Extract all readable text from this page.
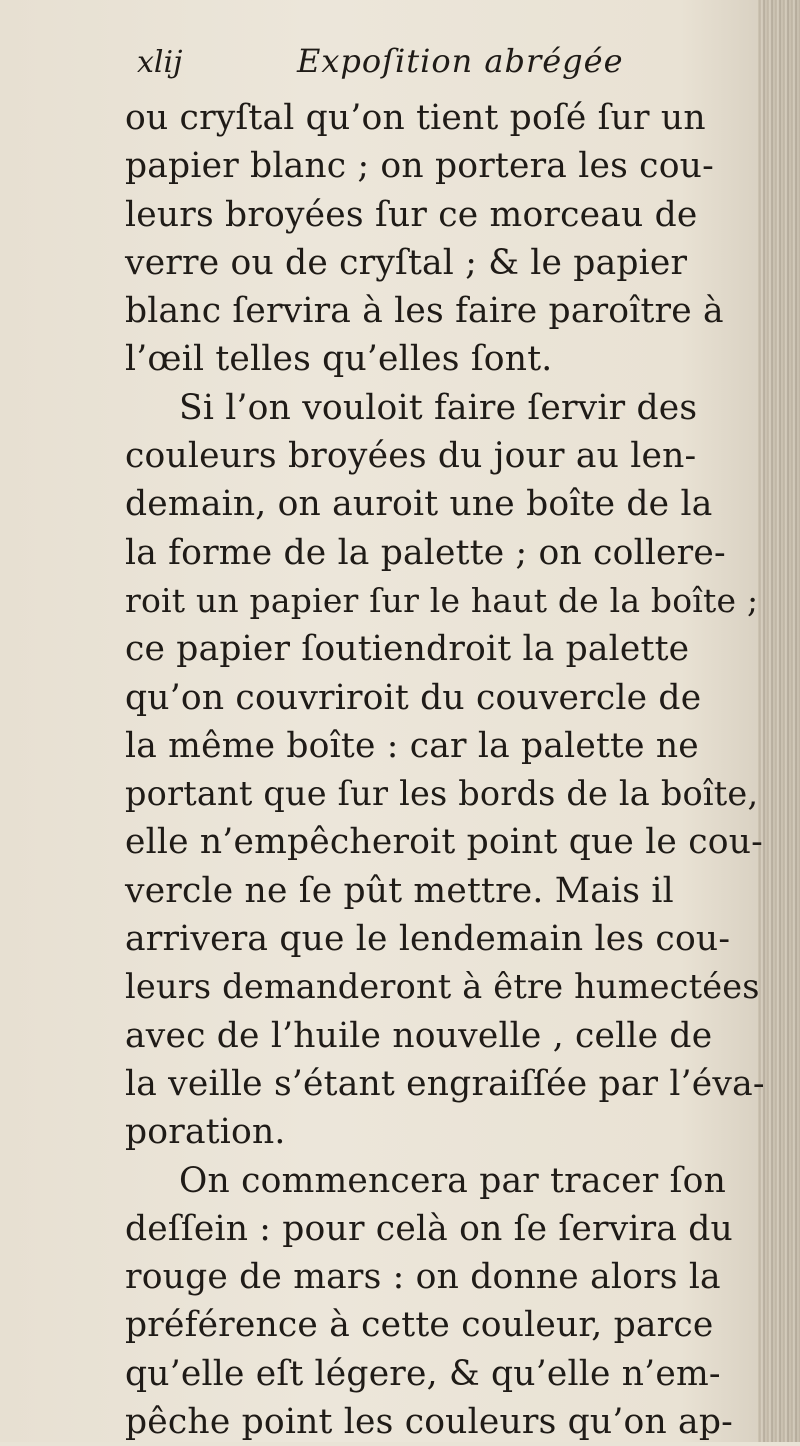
xlij	Expoſition abrégée
ou cryſtal qu’on tient poſé ſur un
papier blanc ; on portera les cou-
leurs broyées ſur ce morceau de
verre ou de cryſtal ; & le papier
blanc ſervira à les faire paroître à
l’œil telles qu’elles ſont.
Si l’on vouloit faire ſervir des
couleurs broyées du jour au len-
demain, on auroit une boîte de la
la forme de la palette ; on collere-
roit un papier ſur le haut de la boîte ;
ce papier ſoutiendroit la palette
qu’on couvriroit du couvercle de
la même boîte : car la palette ne
portant que ſur les bords de la boîte,
elle n’empêcheroit point que le cou-
vercle ne ſe pût mettre. Mais il
arrivera que le lendemain les cou-
leurs demanderont à être humectées
avec de l’huile nouvelle , celle de
la veille s’étant engraiſſée par l’éva-
poration.
On commencera par tracer ſon
deſſein : pour celà on ſe ſervira du
rouge de mars : on donne alors la
préférence à cette couleur, parce
qu’elle eſt légere, & qu’elle n’em-
pêche point les couleurs qu’on ap-
